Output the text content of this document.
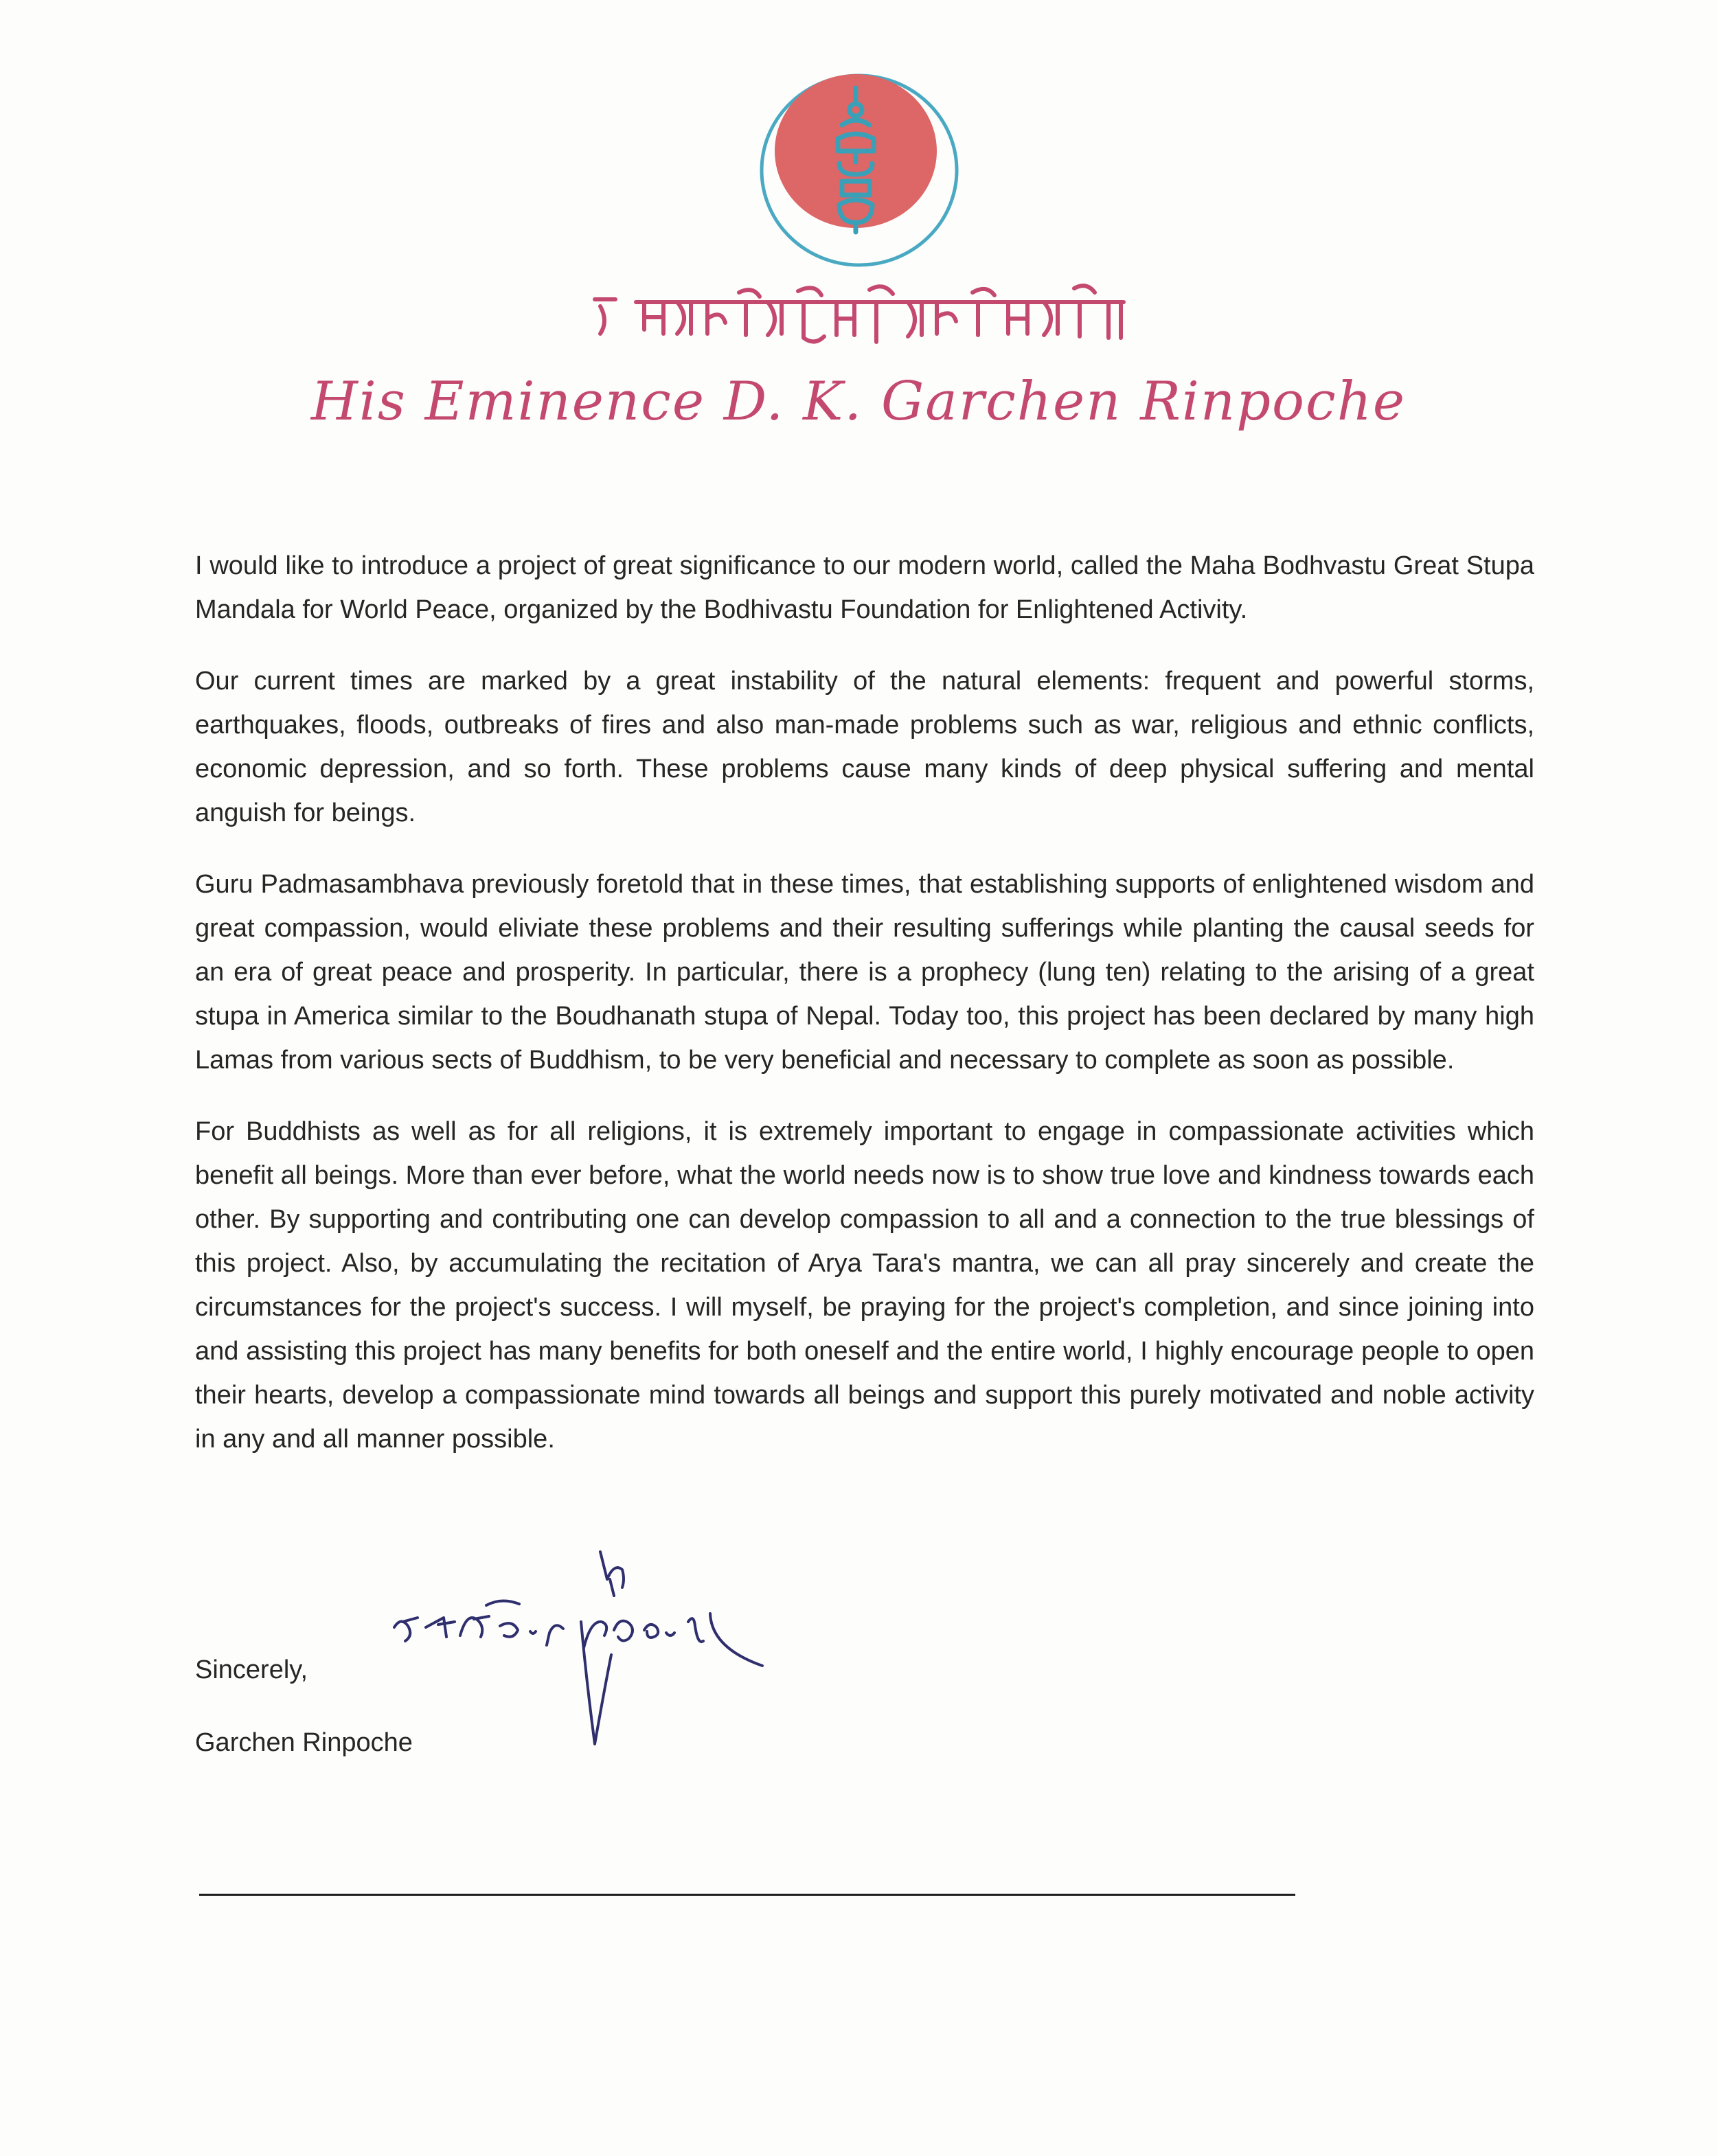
His Eminence D. K. Garchen Rinpoche

I would like to introduce a project of great significance to our modern world, called the Maha Bodhvastu Great Stupa Mandala for World Peace, organized by the Bodhivastu Foundation for Enlightened Activity.

Our current times are marked by a great instability of the natural elements: frequent and powerful storms, earthquakes, floods, outbreaks of fires and also man-made problems such as war, religious and ethnic conflicts, economic depression, and so forth. These problems cause many kinds of deep physical suffering and mental anguish for beings.

Guru Padmasambhava previously foretold that in these times, that establishing supports of enlightened wisdom and great compassion, would eliviate these problems and their resulting sufferings while planting the causal seeds for an era of great peace and prosperity. In particular, there is a prophecy (lung ten) relating to the arising of a great stupa in America similar to the Boudhanath stupa of Nepal. Today too, this project has been declared by many high Lamas from various sects of Buddhism, to be very beneficial and necessary to complete as soon as possible.

For Buddhists as well as for all religions, it is extremely important to engage in compassionate activities which benefit all beings. More than ever before, what the world needs now is to show true love and kindness towards each other. By supporting and contributing one can develop compassion to all and a connection to the true blessings of this project. Also, by accumulating the recitation of Arya Tara's mantra, we can all pray sincerely and create the circumstances for the project's success. I will myself, be praying for the project's completion, and since joining into and assisting this project has many benefits for both oneself and the entire world, I highly encourage people to open their hearts, develop a compassionate mind towards all beings and support this purely motivated and noble activity in any and all manner possible.

Sincerely,
Garchen Rinpoche
